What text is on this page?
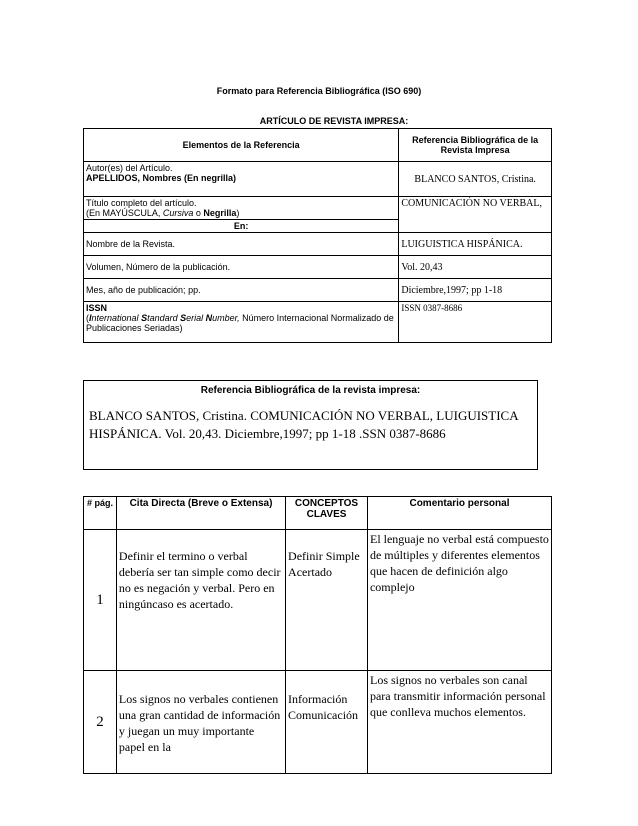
Formato para Referencia Bibliográfica (ISO 690)
ARTÍCULO DE REVISTA IMPRESA:
Elementos de la Referencia	Referencia Bibliográfica de la Revista Impresa

Autor(es) del Artículo.
APELLIDOS, Nombres (En negrilla)	BLANCO SANTOS, Cristina.

Título completo del artículo.
(En MAYÚSCULA, Cursiva o Negrilla)	COMUNICACIÓN NO VERBAL,
En:	
Nombre de la Revista.	LUIGUISTICA HISPÁNICA.
Volumen, Número de la publicación.	Vol. 20,43
Mes, año de publicación; pp.	Diciembre,1997; pp 1-18

ISSN
(International Standard Serial Number, Número Internacional Normalizado de Publicaciones Seriadas)	ISSN 0387-8686
Referencia Bibliográfica de la revista impresa:
BLANCO SANTOS, Cristina. COMUNICACIÓN NO VERBAL, LUIGUISTICA HISPÁNICA. Vol. 20,43. Diciembre,1997; pp 1-18 .SSN 0387-8686
# pág.	Cita Directa (Breve o Extensa)	CONCEPTOS CLAVES	Comentario personal
1	Definir el termino o verbal debería ser tan simple como decir no es negación y verbal. Pero en ningúncaso es acertado.	Definir Simple Acertado	El lenguaje no verbal está compuesto de múltiples y diferentes elementos que hacen de definición algo complejo
2	Los signos no verbales contienen una gran cantidad de información y juegan un muy importante papel en la	Información Comunicación	Los signos no verbales son canal para transmitir información personal que conlleva muchos elementos.
